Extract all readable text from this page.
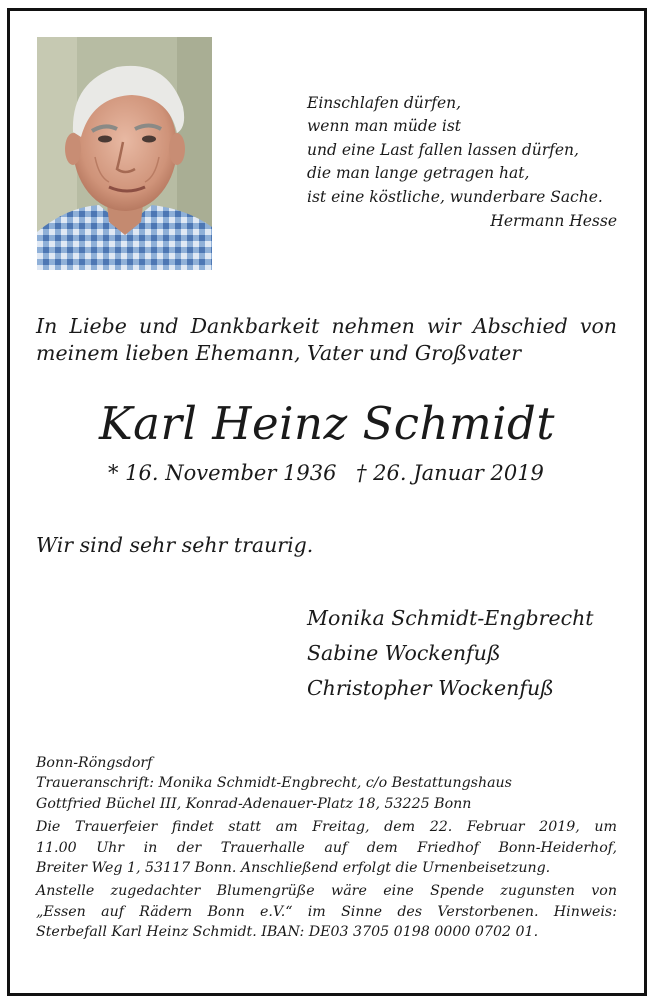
Einschlafen dürfen,
wenn man müde ist
und eine Last fallen lassen dürfen,
die man lange getragen hat,
ist eine köstliche, wunderbare Sache.
Hermann Hesse
In Liebe und Dankbarkeit nehmen wir Abschied von
meinem lieben Ehemann, Vater und Großvater
Karl Heinz Schmidt
* 16. November 1936 † 26. Januar 2019
Wir sind sehr sehr traurig.
Monika Schmidt-Engbrecht
Sabine Wockenfuß
Christopher Wockenfuß
Bonn-Röngsdorf
Traueranschrift: Monika Schmidt-Engbrecht, c/o Bestattungshaus
Gottfried Büchel III, Konrad-Adenauer-Platz 18, 53225 Bonn
Die Trauerfeier findet statt am Freitag, dem 22. Februar 2019, um
11.00 Uhr in der Trauerhalle auf dem Friedhof Bonn-Heiderhof,
Breiter Weg 1, 53117 Bonn. Anschließend erfolgt die Urnenbeisetzung.
Anstelle zugedachter Blumengrüße wäre eine Spende zugunsten von
„Essen auf Rädern Bonn e.V.“ im Sinne des Verstorbenen. Hinweis:
Sterbefall Karl Heinz Schmidt. IBAN: DE03 3705 0198 0000 0702 01.
